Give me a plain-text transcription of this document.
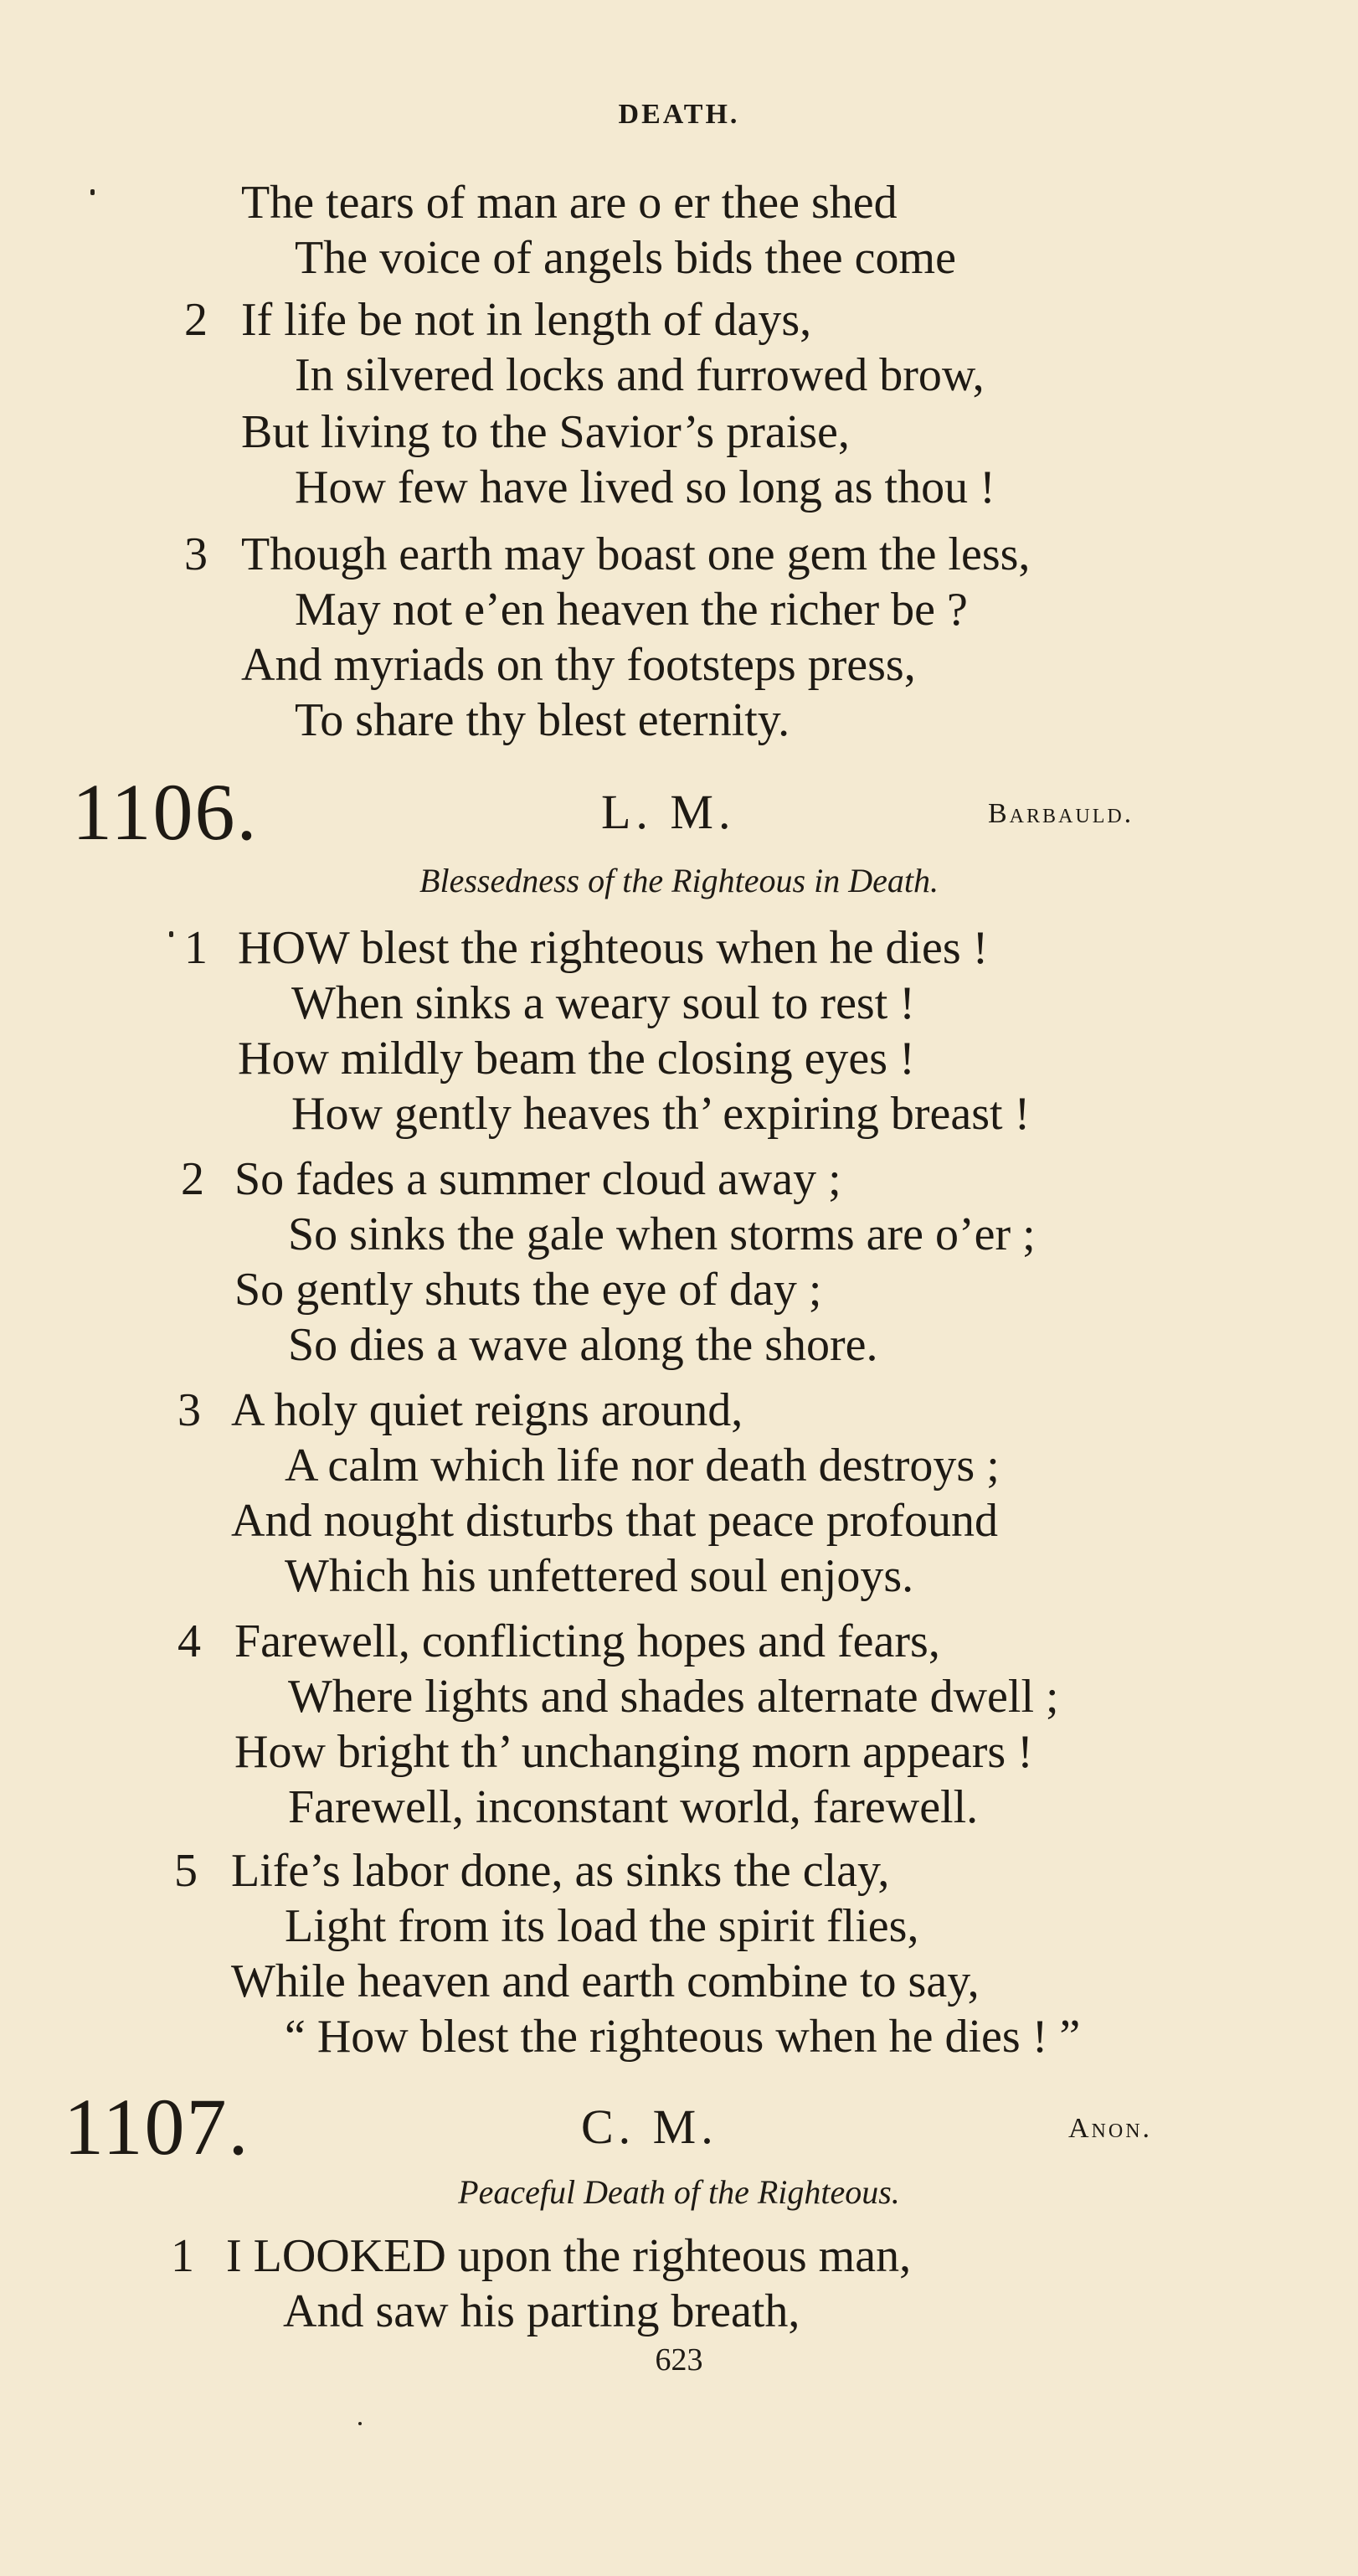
DEATH.
The tears of man are o er thee shed
The voice of angels bids thee come
2 If life be not in length of days,
In silvered locks and furrowed brow,
But living to the Savior’s praise,
How few have lived so long as thou !
3 Though earth may boast one gem the less,
May not e’en heaven the richer be ?
And myriads on thy footsteps press,
To share thy blest eternity.
1106.	L. M.	Barbauld.
Blessedness of the Righteous in Death.
1 HOW blest the righteous when he dies !
When sinks a weary soul to rest !
How mildly beam the closing eyes !
How gently heaves th’ expiring breast !
2 So fades a summer cloud away ;
So sinks the gale when storms are o’er ;
So gently shuts the eye of day ;
So dies a wave along the shore.
3 A holy quiet reigns around,
A calm which life nor death destroys ;
And nought disturbs that peace profound
Which his unfettered soul enjoys.
4 Farewell, conflicting hopes and fears,
Where lights and shades alternate dwell ;
How bright th’ unchanging morn appears !
Farewell, inconstant world, farewell.
5 Life’s labor done, as sinks the clay,
Light from its load the spirit flies,
While heaven and earth combine to say,
“ How blest the righteous when he dies ! ”
1107.	C. M.	Anon.
Peaceful Death of the Righteous.
1 I LOOKED upon the righteous man,
And saw his parting breath,
623
